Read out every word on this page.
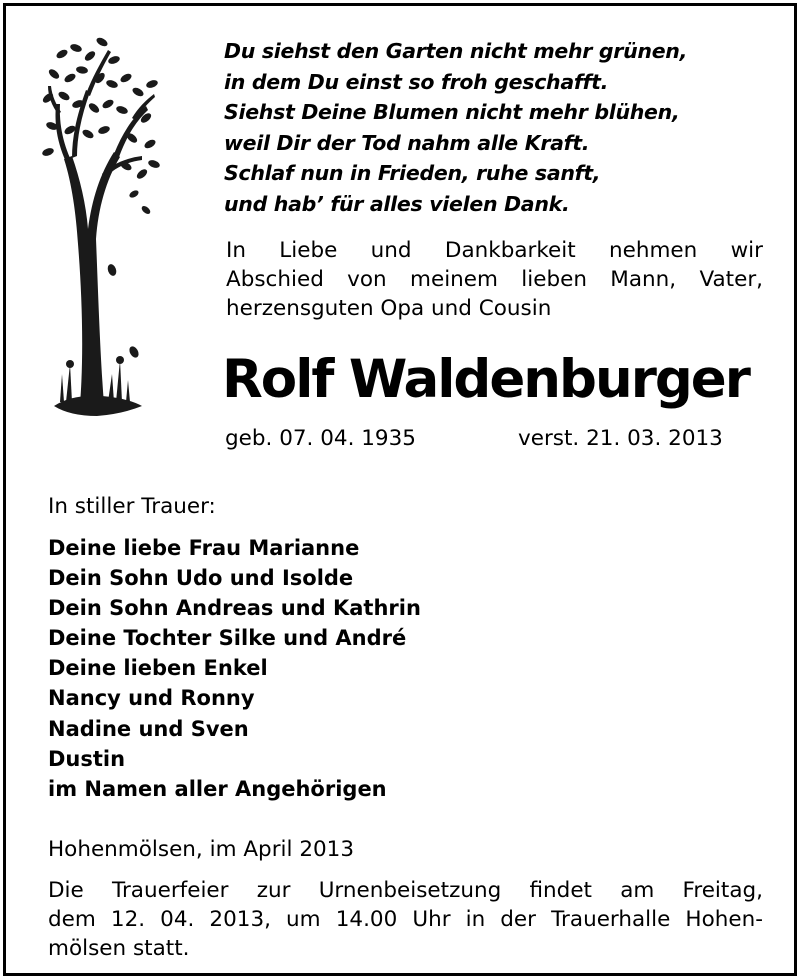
Du siehst den Garten nicht mehr grünen,
in dem Du einst so froh geschafft.
Siehst Deine Blumen nicht mehr blühen,
weil Dir der Tod nahm alle Kraft.
Schlaf nun in Frieden, ruhe sanft,
und hab’ für alles vielen Dank.
In Liebe und Dankbarkeit nehmen wir
Abschied von meinem lieben Mann, Vater,
herzensguten Opa und Cousin
Rolf Waldenburger
geb. 07. 04. 1935	verst. 21. 03. 2013
In stiller Trauer:
Deine liebe Frau Marianne
Dein Sohn Udo und Isolde
Dein Sohn Andreas und Kathrin
Deine Tochter Silke und André
Deine lieben Enkel
Nancy und Ronny
Nadine und Sven
Dustin
im Namen aller Angehörigen
Hohenmölsen, im April 2013
Die Trauerfeier zur Urnenbeisetzung findet am Freitag,
dem 12. 04. 2013, um 14.00 Uhr in der Trauerhalle Hohen-
mölsen statt.
